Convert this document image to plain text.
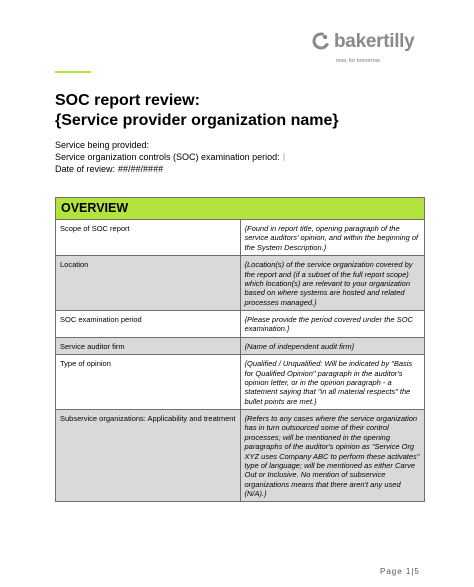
bakertilly
now, for tomorrow
SOC report review:
{Service provider organization name}
Service being provided:
Service organization controls (SOC) examination period:
Date of review: ##/##/####
OVERVIEW	
Scope of SOC report	{Found in report title, opening paragraph of the service auditors' opinion, and within the beginning of the System Description.}
Location	{Location(s) of the service organization covered by the report and (if a subset of the full report scope) which location(s) are relevant to your organization based on where systems are hosted and related processes managed.}
SOC examination period	{Please provide the period covered under the SOC examination.}
Service auditor firm	{Name of independent audit firm}
Type of opinion	{Qualified / Unqualified: Will be indicated by "Basis for Qualified Opinion" paragraph in the auditor's opinion letter, or in the opinion paragraph - a statement saying that "in all material respects" the bullet points are met.}
Subservice organizations: Applicability and treatment	{Refers to any cases where the service organization has in turn outsourced some of their control processes; will be mentioned in the opening paragraphs of the auditor's opinion as "Service Org XYZ uses Company ABC to perform these activates" type of language; will be mentioned as either Carve Out or Inclusive. No mention of subservice organizations means that there aren't any used (N/A).}
Page 1|5
